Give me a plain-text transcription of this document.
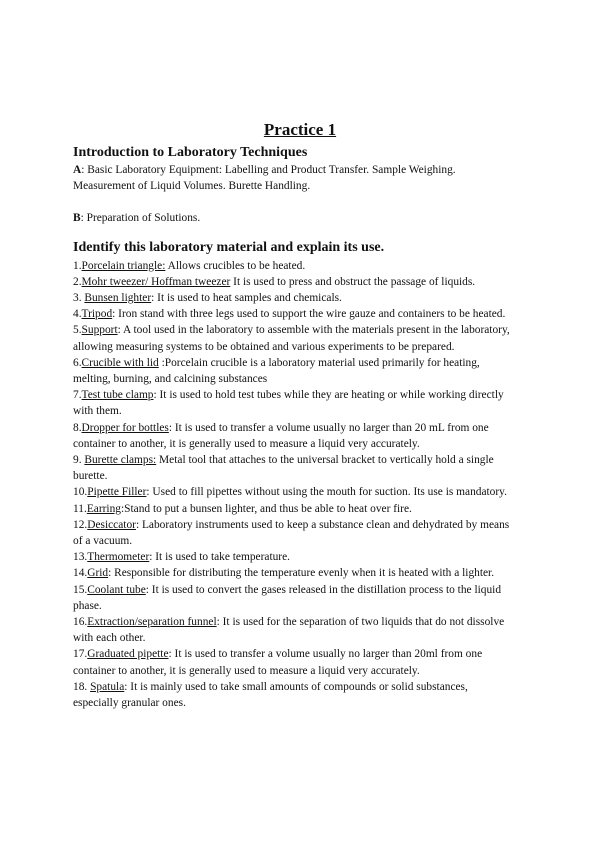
Practice 1

Introduction to Laboratory Techniques

A: Basic Laboratory Equipment: Labelling and Product Transfer. Sample Weighing. Measurement of Liquid Volumes. Burette Handling.

B: Preparation of Solutions.

Identify this laboratory material and explain its use.

1.Porcelain triangle: Allows crucibles to be heated.

2.Mohr tweezer/ Hoffman tweezer It is used to press and obstruct the passage of liquids.

3. Bunsen lighter: It is used to heat samples and chemicals.

4.Tripod: Iron stand with three legs used to support the wire gauze and containers to be heated.

5.Support: A tool used in the laboratory to assemble with the materials present in the laboratory, allowing measuring systems to be obtained and various experiments to be prepared.

6.Crucible with lid :Porcelain crucible is a laboratory material used primarily for heating, melting, burning, and calcining substances

7.Test tube clamp: It is used to hold test tubes while they are heating or while working directly with them.

8.Dropper for bottles: It is used to transfer a volume usually no larger than 20 mL from one container to another, it is generally used to measure a liquid very accurately.

9. Burette clamps: Metal tool that attaches to the universal bracket to vertically hold a single burette.

10.Pipette Filler: Used to fill pipettes without using the mouth for suction. Its use is mandatory.

11.Earring:Stand to put a bunsen lighter, and thus be able to heat over fire.

12.Desiccator: Laboratory instruments used to keep a substance clean and dehydrated by means of a vacuum.

13.Thermometer: It is used to take temperature.

14.Grid: Responsible for distributing the temperature evenly when it is heated with a lighter.

15.Coolant tube: It is used to convert the gases released in the distillation process to the liquid phase.

16.Extraction/separation funnel: It is used for the separation of two liquids that do not dissolve with each other.

17.Graduated pipette: It is used to transfer a volume usually no larger than 20ml from one container to another, it is generally used to measure a liquid very accurately.

18. Spatula: It is mainly used to take small amounts of compounds or solid substances, especially granular ones.
